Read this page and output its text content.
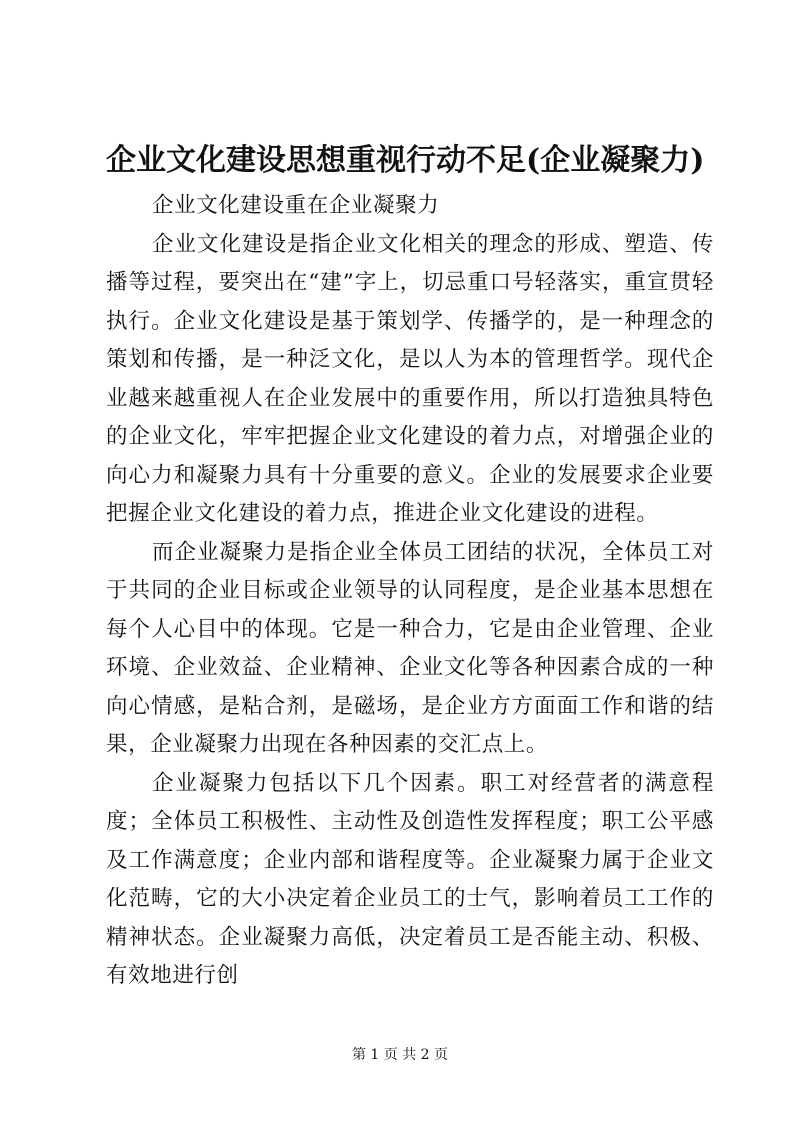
企业文化建设思想重视行动不足(企业凝聚力)

企业文化建设重在企业凝聚力

企业文化建设是指企业文化相关的理念的形成、塑造、传播等过程，要突出在“建”字上，切忌重口号轻落实，重宣贯轻执行。企业文化建设是基于策划学、传播学的，是一种理念的策划和传播，是一种泛文化，是以人为本的管理哲学。现代企业越来越重视人在企业发展中的重要作用，所以打造独具特色的企业文化，牢牢把握企业文化建设的着力点，对增强企业的向心力和凝聚力具有十分重要的意义。企业的发展要求企业要把握企业文化建设的着力点，推进企业文化建设的进程。

而企业凝聚力是指企业全体员工团结的状况，全体员工对于共同的企业目标或企业领导的认同程度，是企业基本思想在每个人心目中的体现。它是一种合力，它是由企业管理、企业环境、企业效益、企业精神、企业文化等各种因素合成的一种向心情感，是粘合剂，是磁场，是企业方方面面工作和谐的结果，企业凝聚力出现在各种因素的交汇点上。

企业凝聚力包括以下几个因素。职工对经营者的满意程度；全体员工积极性、主动性及创造性发挥程度；职工公平感及工作满意度；企业内部和谐程度等。企业凝聚力属于企业文化范畴，它的大小决定着企业员工的士气，影响着员工工作的精神状态。企业凝聚力高低，决定着员工是否能主动、积极、有效地进行创

第 1 页 共 2 页
